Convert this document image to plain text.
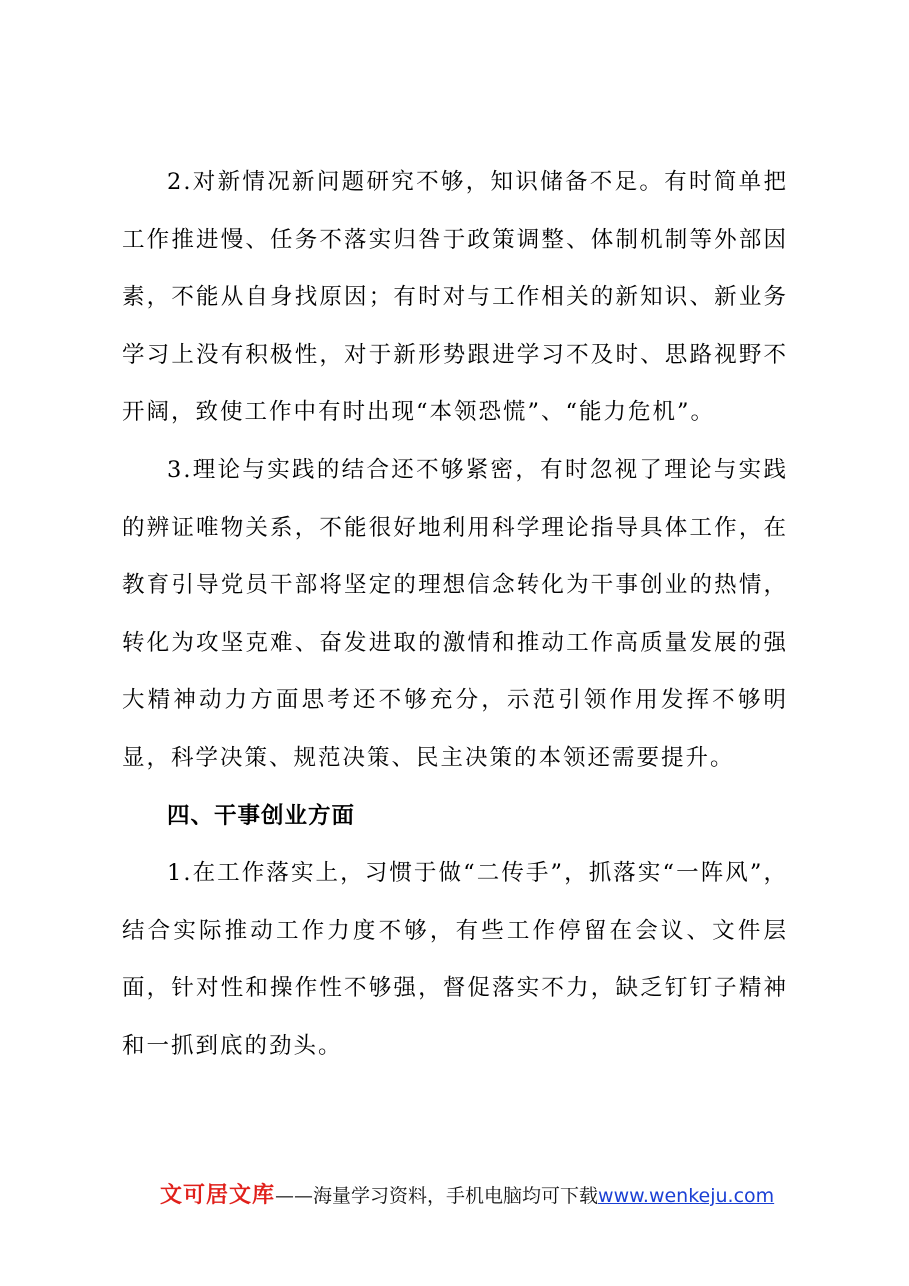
2.对新情况新问题研究不够，知识储备不足。有时简单把工作推进慢、任务不落实归咎于政策调整、体制机制等外部因素，不能从自身找原因；有时对与工作相关的新知识、新业务学习上没有积极性，对于新形势跟进学习不及时、思路视野不开阔，致使工作中有时出现“本领恐慌”、“能力危机”。

3.理论与实践的结合还不够紧密，有时忽视了理论与实践的辨证唯物关系，不能很好地利用科学理论指导具体工作，在教育引导党员干部将坚定的理想信念转化为干事创业的热情，转化为攻坚克难、奋发进取的激情和推动工作高质量发展的强大精神动力方面思考还不够充分，示范引领作用发挥不够明显，科学决策、规范决策、民主决策的本领还需要提升。

四、干事创业方面

1.在工作落实上，习惯于做“二传手”，抓落实“一阵风”，结合实际推动工作力度不够，有些工作停留在会议、文件层面，针对性和操作性不够强，督促落实不力，缺乏钉钉子精神和一抓到底的劲头。

文可居文库——海量学习资料，手机电脑均可下载www.wenkeju.com
